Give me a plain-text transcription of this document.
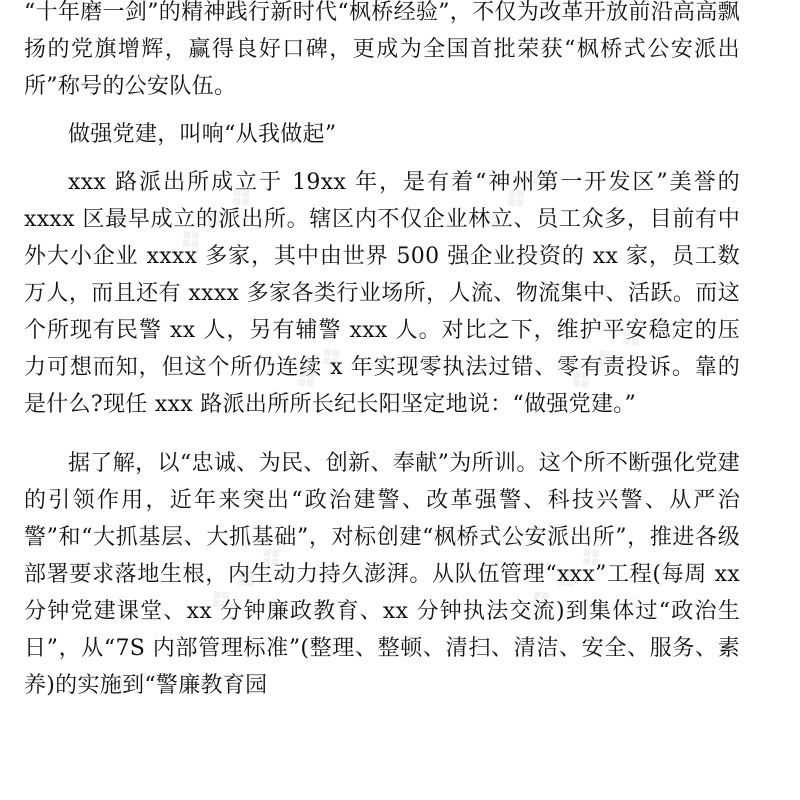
“十年磨一剑”的精神践行新时代“枫桥经验”，不仅为改革开放前沿高高飘扬的党旗增辉，赢得良好口碑，更成为全国首批荣获“枫桥式公安派出所”称号的公安队伍。

做强党建，叫响“从我做起”

xxx 路派出所成立于 19xx 年，是有着“神州第一开发区”美誉的 xxxx 区最早成立的派出所。辖区内不仅企业林立、员工众多，目前有中外大小企业 xxxx 多家，其中由世界 500 强企业投资的 xx 家，员工数万人，而且还有 xxxx 多家各类行业场所，人流、物流集中、活跃。而这个所现有民警 xx 人，另有辅警 xxx 人。对比之下，维护平安稳定的压力可想而知，但这个所仍连续 x 年实现零执法过错、零有责投诉。靠的是什么?现任 xxx 路派出所所长纪长阳坚定地说：“做强党建。”

据了解，以“忠诚、为民、创新、奉献”为所训。这个所不断强化党建的引领作用，近年来突出“政治建警、改革强警、科技兴警、从严治警”和“大抓基层、大抓基础”，对标创建“枫桥式公安派出所”，推进各级部署要求落地生根，内生动力持久澎湃。从队伍管理“xxx”工程(每周 xx 分钟党建课堂、xx 分钟廉政教育、xx 分钟执法交流)到集体过“政治生日”，从“7S 内部管理标准”(整理、整顿、清扫、清洁、安全、服务、素养)的实施到“警廉教育园

❖❖❖	❖❖❖
❖❖❖	❖❖❖
❖❖❖	❖❖❖
